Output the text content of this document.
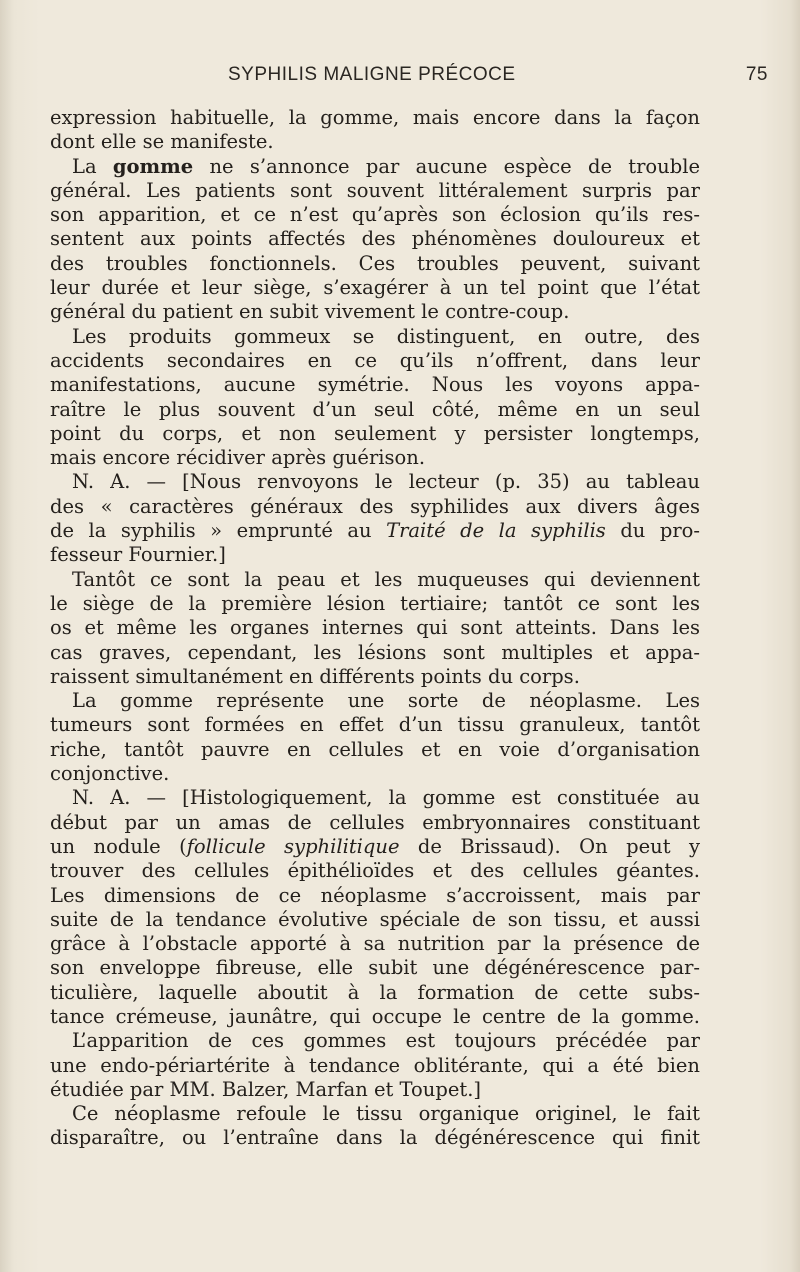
SYPHILIS MALIGNE PRÉCOCE	75
expression habituelle, la gomme, mais encore dans la façon
dont elle se manifeste.
La gomme ne s’annonce par aucune espèce de trouble
général. Les patients sont souvent littéralement surpris par
son apparition, et ce n’est qu’après son éclosion qu’ils res-
sentent aux points affectés des phénomènes douloureux et
des troubles fonctionnels. Ces troubles peuvent, suivant
leur durée et leur siège, s’exagérer à un tel point que l’état
général du patient en subit vivement le contre-coup.
Les produits gommeux se distinguent, en outre, des
accidents secondaires en ce qu’ils n’offrent, dans leur
manifestations, aucune symétrie. Nous les voyons appa-
raître le plus souvent d’un seul côté, même en un seul
point du corps, et non seulement y persister longtemps,
mais encore récidiver après guérison.
N. A. — [Nous renvoyons le lecteur (p. 35) au tableau
des « caractères généraux des syphilides aux divers âges
de la syphilis » emprunté au Traité de la syphilis du pro-
fesseur Fournier.]
Tantôt ce sont la peau et les muqueuses qui deviennent
le siège de la première lésion tertiaire; tantôt ce sont les
os et même les organes internes qui sont atteints. Dans les
cas graves, cependant, les lésions sont multiples et appa-
raissent simultanément en différents points du corps.
La gomme représente une sorte de néoplasme. Les
tumeurs sont formées en effet d’un tissu granuleux, tantôt
riche, tantôt pauvre en cellules et en voie d’organisation
conjonctive.
N. A. — [Histologiquement, la gomme est constituée au
début par un amas de cellules embryonnaires constituant
un nodule (follicule syphilitique de Brissaud). On peut y
trouver des cellules épithélioïdes et des cellules géantes.
Les dimensions de ce néoplasme s’accroissent, mais par
suite de la tendance évolutive spéciale de son tissu, et aussi
grâce à l’obstacle apporté à sa nutrition par la présence de
son enveloppe fibreuse, elle subit une dégénérescence par-
ticulière, laquelle aboutit à la formation de cette subs-
tance crémeuse, jaunâtre, qui occupe le centre de la gomme.
L’apparition de ces gommes est toujours précédée par
une endo-périartérite à tendance oblitérante, qui a été bien
étudiée par MM. Balzer, Marfan et Toupet.]
Ce néoplasme refoule le tissu organique originel, le fait
disparaître, ou l’entraîne dans la dégénérescence qui finit
